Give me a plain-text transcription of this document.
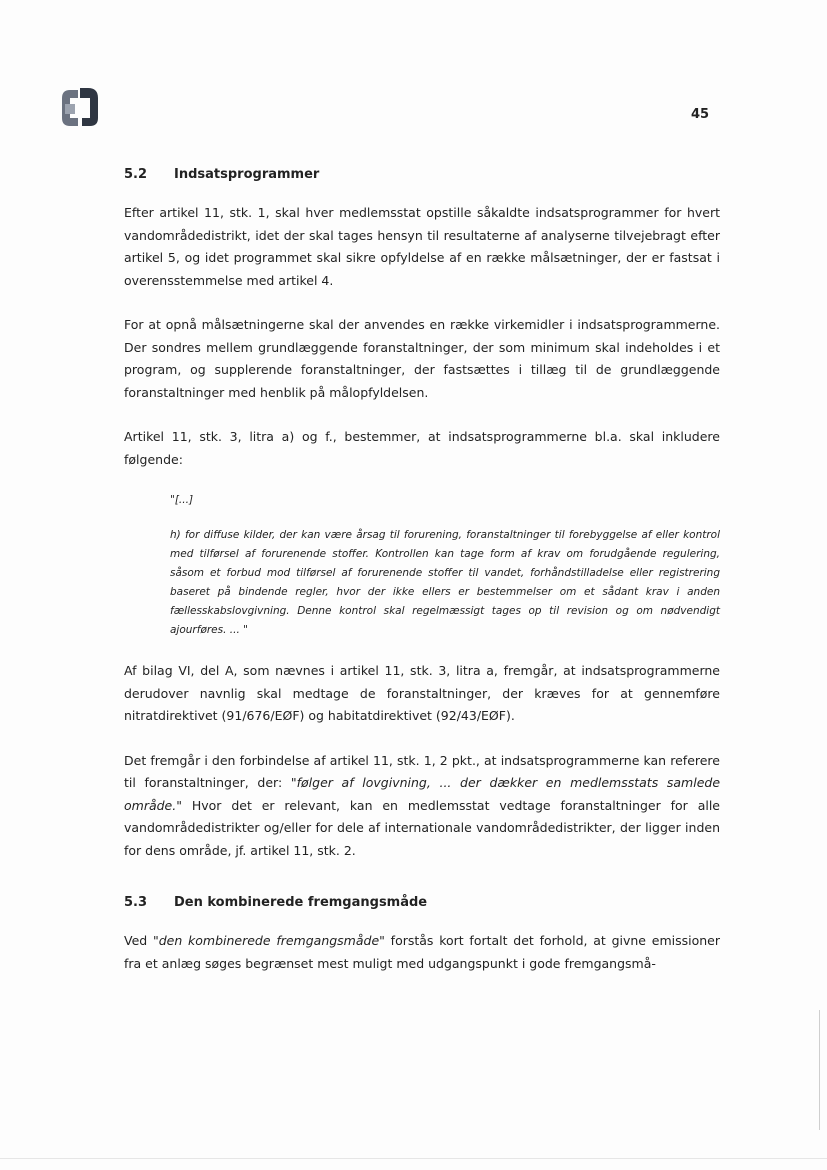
45
5.2	Indsatsprogrammer

Efter artikel 11, stk. 1, skal hver medlemsstat opstille såkaldte indsatsprogrammer for hvert vandområdedistrikt, idet der skal tages hensyn til resultaterne af analyserne tilvejebragt efter artikel 5, og idet programmet skal sikre opfyldelse af en række målsætninger, der er fastsat i overensstemmelse med artikel 4.

For at opnå målsætningerne skal der anvendes en række virkemidler i indsatsprogrammerne. Der sondres mellem grundlæggende foranstaltninger, der som minimum skal indeholdes i et program, og supplerende foranstaltninger, der fastsættes i tillæg til de grundlæggende foranstaltninger med henblik på målopfyldelsen.

Artikel 11, stk. 3, litra a) og f., bestemmer, at indsatsprogrammerne bl.a. skal inkludere følgende:

"[...]

h) for diffuse kilder, der kan være årsag til forurening, foranstaltninger til forebyggelse af eller kontrol med tilførsel af forurenende stoffer. Kontrollen kan tage form af krav om forudgående regulering, såsom et forbud mod tilførsel af forurenende stoffer til vandet, forhåndstilladelse eller registrering baseret på bindende regler, hvor der ikke ellers er bestemmelser om et sådant krav i anden fællesskabslovgivning. Denne kontrol skal regelmæssigt tages op til revision og om nødvendigt ajourføres. ... "

Af bilag VI, del A, som nævnes i artikel 11, stk. 3, litra a, fremgår, at indsatsprogrammerne derudover navnlig skal medtage de foranstaltninger, der kræves for at gennemføre nitratdirektivet (91/676/EØF) og habitatdirektivet (92/43/EØF).

Det fremgår i den forbindelse af artikel 11, stk. 1, 2 pkt., at indsatsprogrammerne kan referere til foranstaltninger, der: "følger af lovgivning, ... der dækker en medlemsstats samlede område." Hvor det er relevant, kan en medlemsstat vedtage foranstaltninger for alle vandområdedistrikter og/eller for dele af internationale vandområdedistrikter, der ligger inden for dens område, jf. artikel 11, stk. 2.

5.3	Den kombinerede fremgangsmåde

Ved "den kombinerede fremgangsmåde" forstås kort fortalt det forhold, at givne emissioner fra et anlæg søges begrænset mest muligt med udgangspunkt i gode fremgangsmå-
